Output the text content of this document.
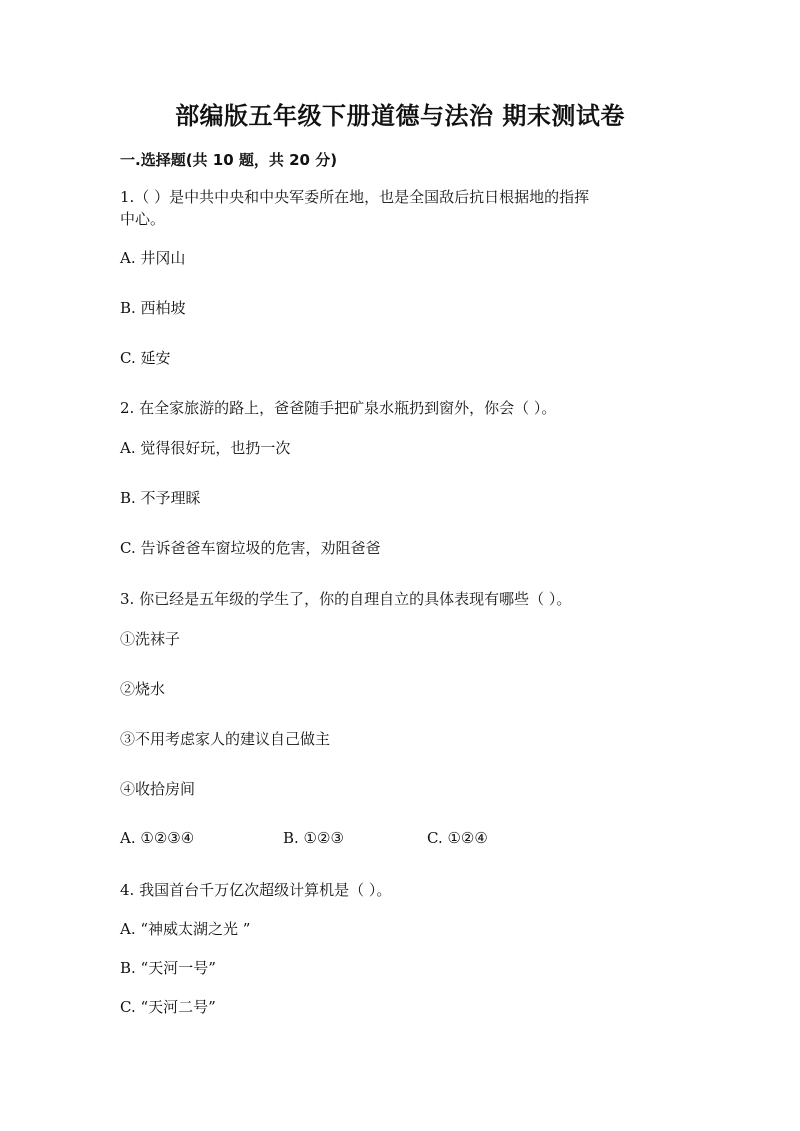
部编版五年级下册道德与法治 期末测试卷
一.选择题(共 10 题，共 20 分)
1.（ ）是中共中央和中央军委所在地，也是全国敌后抗日根据地的指挥
中心。
A. 井冈山
B. 西柏坡
C. 延安
2. 在全家旅游的路上，爸爸随手把矿泉水瓶扔到窗外，你会（ ）。
A. 觉得很好玩，也扔一次
B. 不予理睬
C. 告诉爸爸车窗垃圾的危害，劝阻爸爸
3. 你已经是五年级的学生了，你的自理自立的具体表现有哪些（ ）。
①洗袜子
②烧水
③不用考虑家人的建议自己做主
④收拾房间
A. ①②③④	B. ①②③	C. ①②④
4. 我国首台千万亿次超级计算机是（ ）。
A. “神威太湖之光 ”
B. “天河一号”
C. “天河二号”
